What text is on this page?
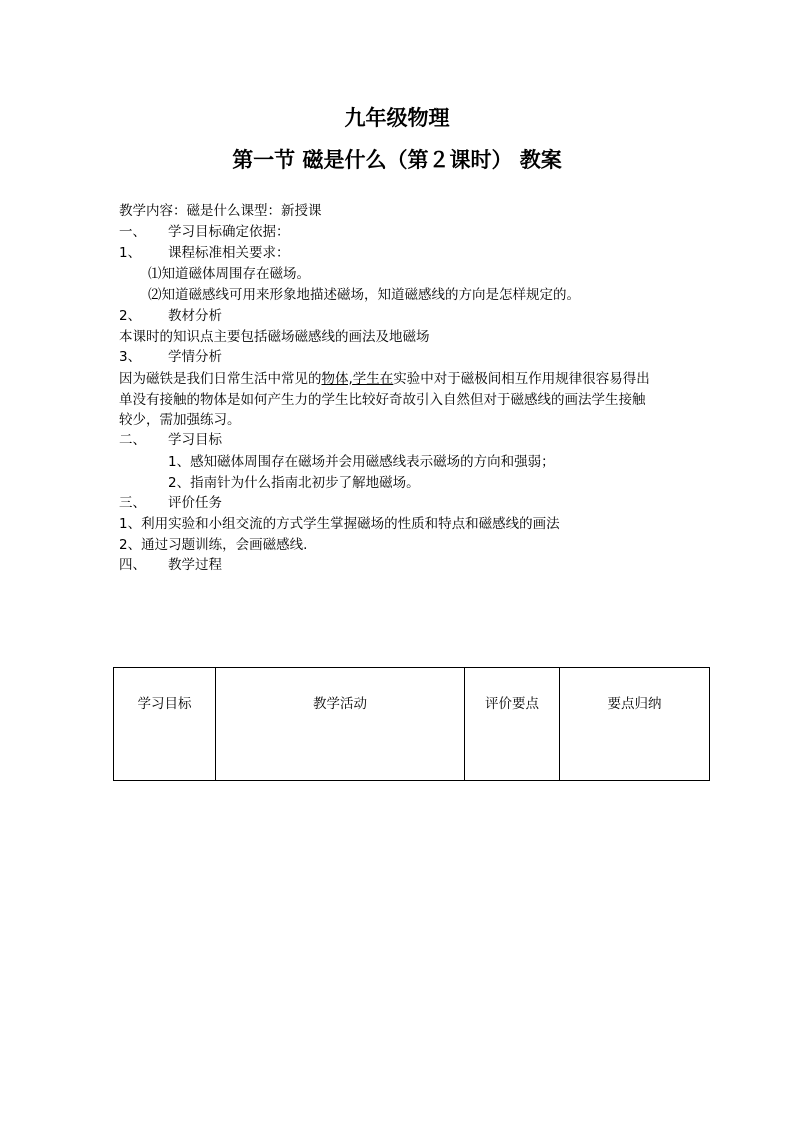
九年级物理
第一节 磁是什么（第２课时） 教案
教学内容：磁是什么课型：新授课
一、 学习目标确定依据：
1、 课程标准相关要求：
⑴知道磁体周围存在磁场。
⑵知道磁感线可用来形象地描述磁场，知道磁感线的方向是怎样规定的。
2、 教材分析
本课时的知识点主要包括磁场磁感线的画法及地磁场
3、 学情分析
因为磁铁是我们日常生活中常见的物体,学生在实验中对于磁极间相互作用规律很容易得出
单没有接触的物体是如何产生力的学生比较好奇故引入自然但对于磁感线的画法学生接触
较少，需加强练习。
二、 学习目标
1、感知磁体周围存在磁场并会用磁感线表示磁场的方向和强弱；
2、指南针为什么指南北初步了解地磁场。
三、 评价任务
1、利用实验和小组交流的方式学生掌握磁场的性质和特点和磁感线的画法
2、通过习题训练，会画磁感线.
四、 教学过程
学习目标	教学活动	评价要点	要点归纳
